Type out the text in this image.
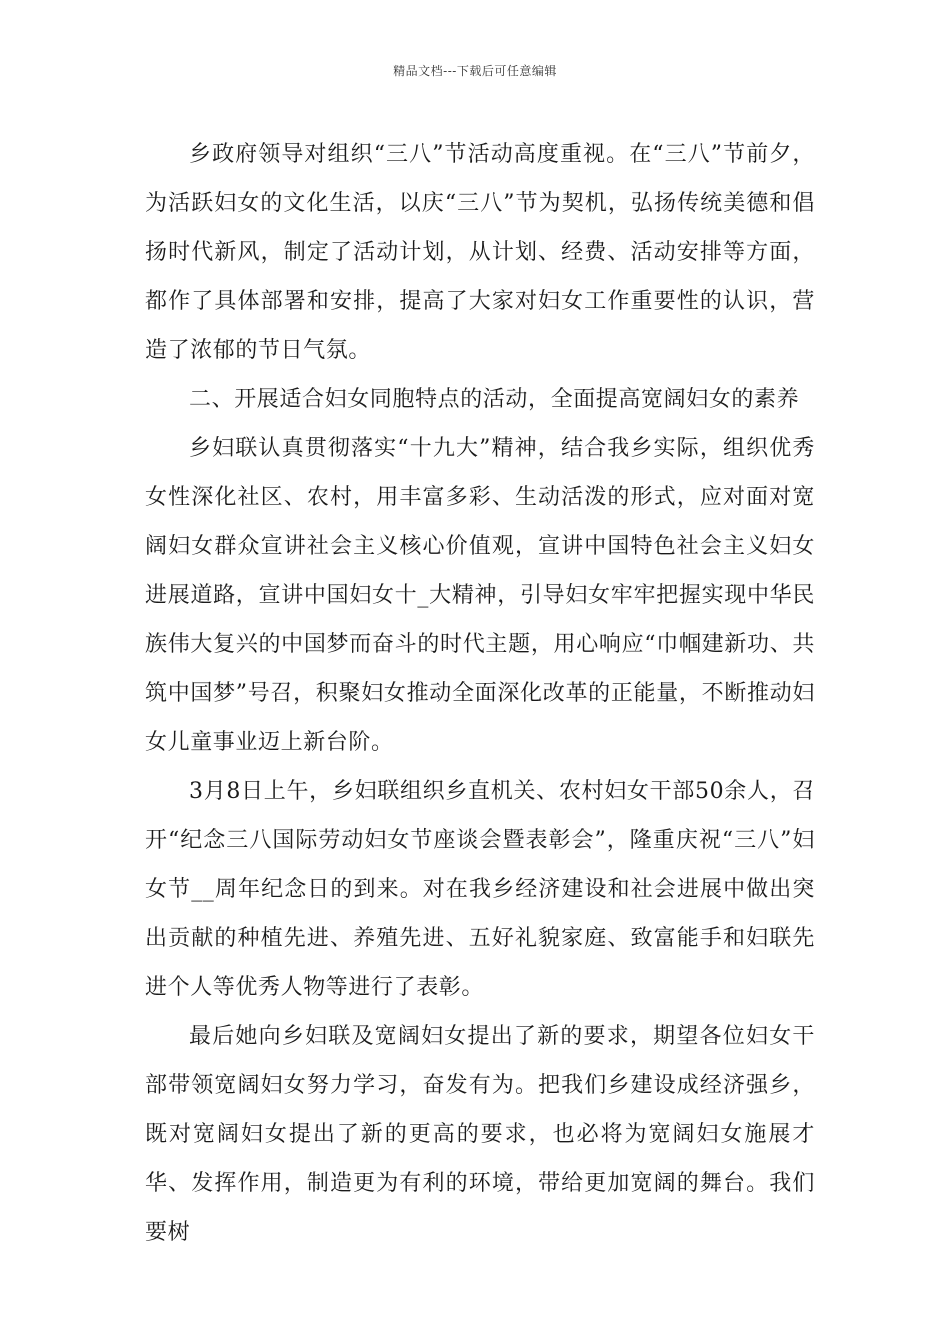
精品文档---下载后可任意编辑

乡政府领导对组织“三八”节活动高度重视。在“三八”节前夕，为活跃妇女的文化生活，以庆“三八”节为契机，弘扬传统美德和倡扬时代新风，制定了活动计划，从计划、经费、活动安排等方面，都作了具体部署和安排，提高了大家对妇女工作重要性的认识，营造了浓郁的节日气氛。

二、开展适合妇女同胞特点的活动，全面提高宽阔妇女的素养

乡妇联认真贯彻落实“十九大”精神，结合我乡实际，组织优秀女性深化社区、农村，用丰富多彩、生动活泼的形式，应对面对宽阔妇女群众宣讲社会主义核心价值观，宣讲中国特色社会主义妇女进展道路，宣讲中国妇女十_大精神，引导妇女牢牢把握实现中华民族伟大复兴的中国梦而奋斗的时代主题，用心响应“巾帼建新功、共筑中国梦”号召，积聚妇女推动全面深化改革的正能量，不断推动妇女儿童事业迈上新台阶。

3月8日上午，乡妇联组织乡直机关、农村妇女干部50余人，召开“纪念三八国际劳动妇女节座谈会暨表彰会”，隆重庆祝“三八”妇女节__周年纪念日的到来。对在我乡经济建设和社会进展中做出突出贡献的种植先进、养殖先进、五好礼貌家庭、致富能手和妇联先进个人等优秀人物等进行了表彰。

最后她向乡妇联及宽阔妇女提出了新的要求，期望各位妇女干部带领宽阔妇女努力学习，奋发有为。把我们乡建设成经济强乡，既对宽阔妇女提出了新的更高的要求，也必将为宽阔妇女施展才华、发挥作用，制造更为有利的环境，带给更加宽阔的舞台。我们要树
